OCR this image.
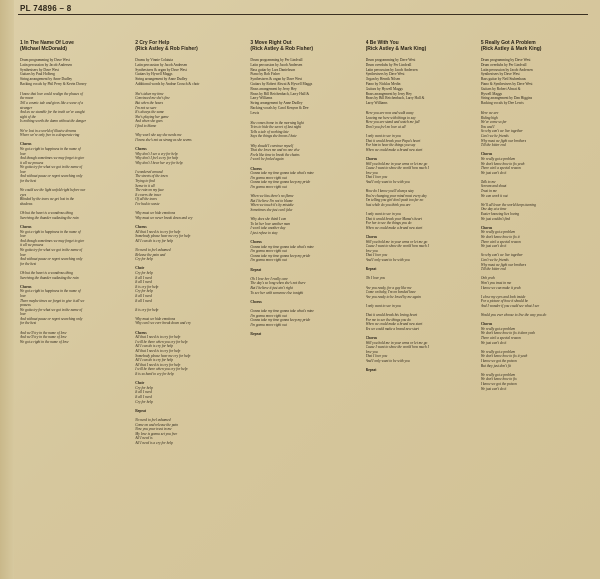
PL 74896 – 8
1 In The Name Of Love
(Michael McDonald)
Drum programming by Dave West
Latin percussion by Jacob Andersen
Synthesisers by Dave West
Guitars by Paul Holberg
String arrangement by Anne Dudley
Backing vocals by Phil Perry & Kevin Dorsey
I know that love could realign the phases of
the moon
Tell a cosmic tale and gives like a wave of a
stranger
And as we stumble for the truth we've caught
sight of the
Is nothing worth the damn without the danger
We're lost in a world of illusive dreams
Where we're only free in a desperate ring
Chorus
We got a right to happiness in the name of
love
And though sometimes we may forget to give
it all we possess
We gotta try for what we got in the name of
love
And without pause or regret searching only
for the best
We could see the light unfold right before our
eyes
Blinded by the tears we get lost in the
shadows
Oh but the heart is a wondrous thing
Surviving the thunder outlasting the rain
Chorus
We got a right to happiness in the name of
love
And though sometimes we may forget to give
it all we possess
We gotta try for what we got in the name of
love
And without pause or regret searching only
for the best
Oh but the heart is a wondrous thing
Surviving the thunder outlasting the rain
Chorus
We got a right to happiness in the name of
love
There maybe times we forget to give it all we
possess
We gotta try for what we got in the name of
love
And without pause or regret searching only
for the best
And we'll try in the name of love
And we'll try in the name of love
We got a right in the name of love
2 Cry For Help
(Rick Astley & Rob Fisher)
Drums by Vinnie Colaiuta
Latin percussion by Jacob Andersen
Synthesisers & organ by Dave West
Guitars by Hywell Maggs
String arrangement by Anne Dudley
Additional words by Andrae Crouch & choir
She's taken my time
Convinced me she's fine
But when the hours
I'm not so sure
It's always the same
She's playing her game
And when she goes
I find to blame
Why won't she say she needs me
I know she's not as strong as she seems
Chorus
Why don't I see a cry for help
Why don't I feel a cry for help
Why don't I hear her cry for help
I wondered around
The streets of the town
Trying to find
Sense in it all
The rain on my face
It covers the trace
Of all the tears
I've had to waste
Why must we hide emotions
Why must we never break down and cry
Chorus
All that I need is to cry for help
Somebody please hear me cry for help
All I can do is cry for help
No need to feel ashamed
Release the pain and
Cry for help
Choir
Cry for help
It all I need
It all I need
It is cry for help
Cry for help
It all I need
It all I need
It is cry for help
Why must we hide emotions
Why can't we ever break down and cry
Chorus
All that I need is to cry for help
I will be there when you cry for help
All I can do is cry for help
All that I need is to cry for help
Somebody please hear me cry for help
All I can do is cry for help
All that I need is to cry for help
I will be there when you cry for help
It is so hard to cry for help
Choir
Cry for help
It all I need
It all I need
Cry for help
Repeat
No need to feel ashamed
Come on and release the pain
Now you your trust in me
My love is gonna set you free
All I need is
All I need is a cry for help
3 Move Right Out
(Rick Astley & Rob Fisher)
Drum programming by Per Lindvall
Latin percussion by Jacob Andersen
Bass guitar by Lars Danielsson
Piano by Rob Fisher
Synthesisers & organ by Dave West
Guitars by Robert Ahwai & Hywell Maggs
Brass arrangement by Jerry Hey
Brass by Bill Reichenbach, Larry Hall &
Larry Williams
String arrangement by Anne Dudley
Backing vocals by Carol Kenyon & Dee
Lewis
She comes home in the morning light
Tries to hide the secret of last night
Tells a tale of working late
Says the things she knows I hate
Why should I convince myself
That she loves me and no one else
Feels like time to break the chains
I won't be fooled again
Chorus
Gonna take my time gonna take what's mine
I'm gonna move right out
Gonna take my time gonna keep my pride
I'm gonna move right out
When we kiss there's no flame
But I believe I'm not to blame
When we touch it's by mistake
Sometimes she just can't fake
Why does she think I can
To let her love another man
I won't take another day
I just refuse to stay
Chorus
Gonna take my time gonna take what's mine
I'm gonna move right out
Gonna take my time gonna keep my pride
I'm gonna move right out
Repeat
Oh I love her I really care
The day's so long when she's not there
But I believe it just ain't right
To see her with someone else tonight
Chorus
Gonna take my time gonna take what's mine
I'm gonna move right out
Gonna take my time gonna keep my pride
I'm gonna move right out
Repeat
4 Be With You
(Rick Astley & Mark King)
Drum programming by Dave West
Drum overdubs by Per Lindvall
Latin percussion by Jacob Andersen
Synthesisers by Dave West
Organ by Henrik Nilsen
Piano by Nicklas Medin
Guitars by Hywell Maggs
Brass arrangement by Jerry Hey
Brass by Bill Reichenbach, Larry Hall &
Larry Williams
Here you are now and walk away
Leaving me here with things to say
Here you are stand and watch me fall
Don't you feel no love at all
I only want to see in you
That it would break your Papa's heart
For him to hear the things you say
When we could make a brand new start
Chorus
Will you hold me in your arms or let me go
Cause I want to show the world how much I
love you
That I love you
And I only want to be with you
How do I know you'll always stay
You're changing your mind most every day
I'm telling you girl don't push too far no
Just while do you think you are
I only want to see in you
That it would break your Mama's heart
For her to see the things you do
When we could make a brand new start
Chorus
Will you hold me in your arms or let me go
Cause I want to show the world how much I
love you
That I love you
And I only want to be with you
Repeat
Oh I love you
Are you ready, for a guy like me
Come on baby, I'm on bended knee
Are you ready to be loved by me again
I only want to see in you
That it would break his loving heart
For me to see the things you do
When we could make a brand new start
Yes we could make a brand new start
Chorus
Will you hold me in your arms or let me go
Cause I want to show the world how much I
love you
That I love you
And I only want to be with you
Repeat
5 Really Got A Problem
(Rick Astley & Mark King)
Drum programming by Dave West
Drum overdubs by Per Lindvall
Latin percussion by Jacob Andersen
Synthesisers by Dave West
Bass guitar by Neil Stubenhaus
Piano & Synthesisers by Dave West
Guitars by Robert Ahwai &
Hywell Maggs
String arrangement by Dan Higgins
Backing vocals by Dee Lewis
Here we are
Riding high
We've come so far
You and I
So why can't we live together
Can't we be friends
Why must we fight our brothers
Till the bitter end
Chorus
We really got a problem
We don't know how to fix yeah
There ain't a special reason
We just can't do it
Talk to me
Scream and shout
Trust in me
We can work it out
We'll all leave the world keeps turning
One day at a time
Easier knowing lies loving
We just couldn't find
Chorus
We really got a problem
We don't know how to fix it
There ain't a special reason
We just can't do it
So why can't we live together
Can't we be friends
Why must we fight our brothers
Till the bitter end
Ooh yeah
Won't you trust in me
I know we can make it yeah
I close my eyes and look inside
For a picture of how it should be
And I wonder if you could see what I see
Would you ever choose to live the way you do
Chorus
We really got a problem
We don't know how to fix it darn yeah
There ain't a special reason
We just can't do it
We really got a problem
We don't know how to fix it yeah
I know we got the poison
But they just don't fit
We really got a problem
We don't know how to fix
I know we got the poison
We just can't do it
